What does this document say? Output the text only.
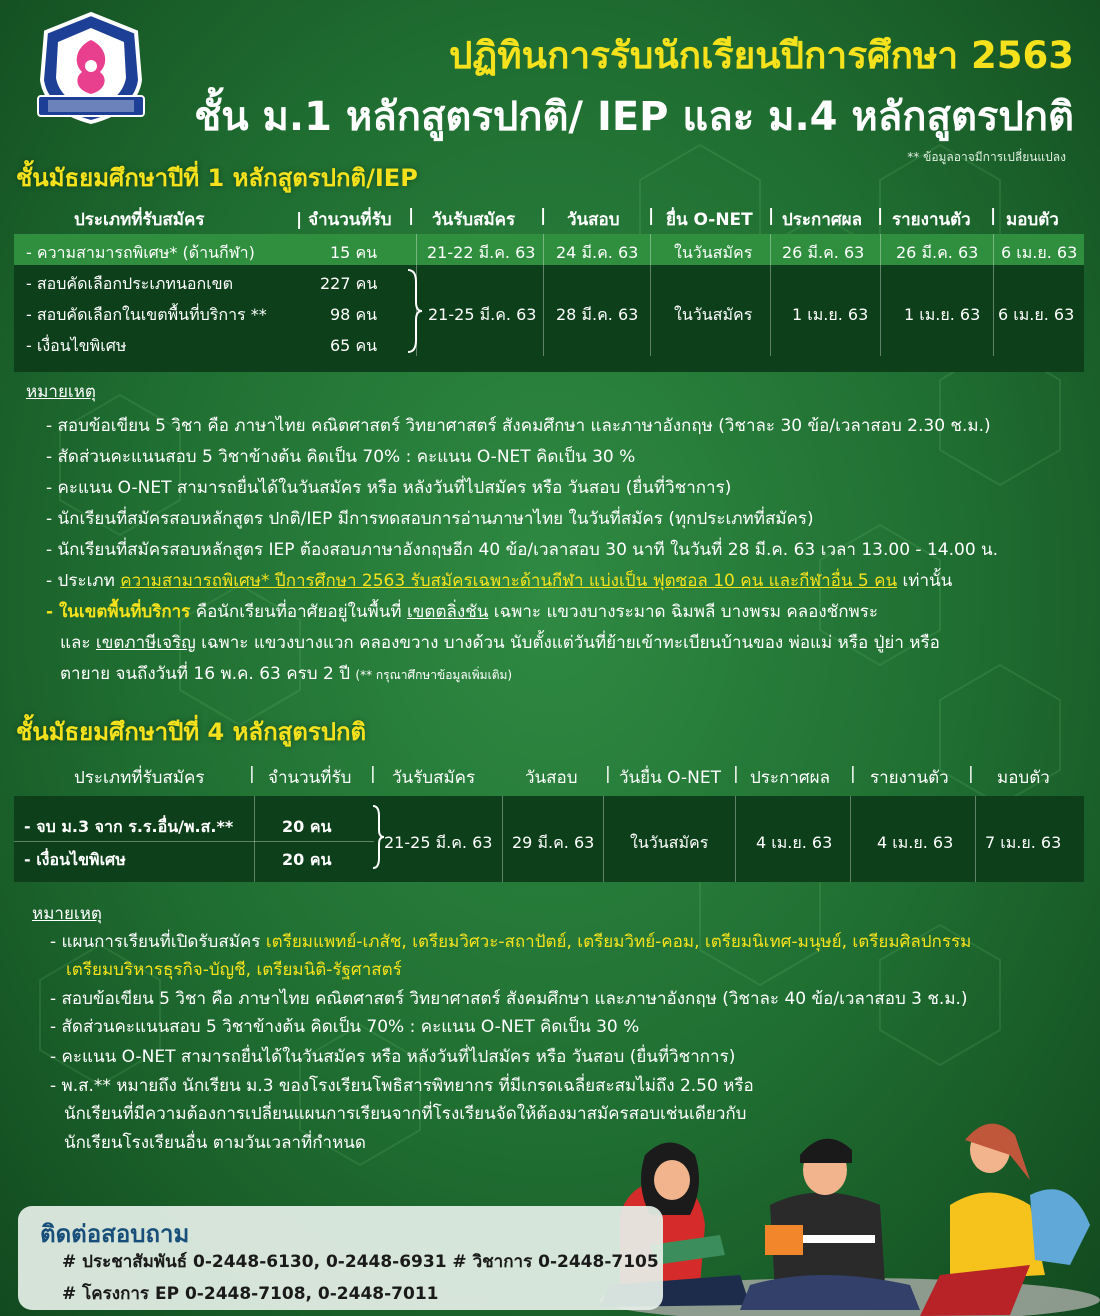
ปฏิทินการรับนักเรียนปีการศึกษา 2563
ชั้น ม.1 หลักสูตรปกติ/ IEP และ ม.4 หลักสูตรปกติ
** ข้อมูลอาจมีการเปลี่ยนแปลง
ชั้นมัธยมศึกษาปีที่ 1 หลักสูตรปกติ/IEP
ประเภทที่รับสมัคร	| จำนวนที่รับ | วันรับสมัคร | วันสอบ | ยื่น O-NET | ประกาศผล | รายงานตัว | มอบตัว
- ความสามารถพิเศษ* (ด้านกีฬา)	15 คน	21-22 มี.ค. 63 24 มี.ค. 63 ในวันสมัคร 26 มี.ค. 63 26 มี.ค. 63 6 เม.ย. 63
- สอบคัดเลือกประเภทนอกเขต	227 คน
- สอบคัดเลือกในเขตพื้นที่บริการ **	98 คน
- เงื่อนไขพิเศษ	65 คน
21-25 มี.ค. 63 28 มี.ค. 63 ในวันสมัคร 1 เม.ย. 63 1 เม.ย. 63 6 เม.ย. 63
หมายเหตุ
- สอบข้อเขียน 5 วิชา คือ ภาษาไทย คณิตศาสตร์ วิทยาศาสตร์ สังคมศึกษา และภาษาอังกฤษ (วิชาละ 30 ข้อ/เวลาสอบ 2.30 ช.ม.)
- สัดส่วนคะแนนสอบ 5 วิชาข้างต้น คิดเป็น 70% : คะแนน O-NET คิดเป็น 30 %
- คะแนน O-NET สามารถยื่นได้ในวันสมัคร หรือ หลังวันที่ไปสมัคร หรือ วันสอบ (ยื่นที่วิชาการ)
- นักเรียนที่สมัครสอบหลักสูตร ปกติ/IEP มีการทดสอบการอ่านภาษาไทย ในวันที่สมัคร (ทุกประเภทที่สมัคร)
- นักเรียนที่สมัครสอบหลักสูตร IEP ต้องสอบภาษาอังกฤษอีก 40 ข้อ/เวลาสอบ 30 นาที ในวันที่ 28 มี.ค. 63 เวลา 13.00 - 14.00 น.
- ประเภท ความสามารถพิเศษ* ปีการศึกษา 2563 รับสมัครเฉพาะด้านกีฬา แบ่งเป็น ฟุตซอล 10 คน และกีฬาอื่น 5 คน เท่านั้น
- ในเขตพื้นที่บริการ คือนักเรียนที่อาศัยอยู่ในพื้นที่ เขตตลิ่งชัน เฉพาะ แขวงบางระมาด ฉิมพลี บางพรม คลองชักพระ
และ เขตภาษีเจริญ เฉพาะ แขวงบางแวก คลองขวาง บางด้วน นับตั้งแต่วันที่ย้ายเข้าทะเบียนบ้านของ พ่อแม่ หรือ ปู่ย่า หรือ
ตายาย จนถึงวันที่ 16 พ.ค. 63 ครบ 2 ปี (** กรุณาศึกษาข้อมูลเพิ่มเติม)
ชั้นมัธยมศึกษาปีที่ 4 หลักสูตรปกติ
ประเภทที่รับสมัคร	| จำนวนที่รับ | วันรับสมัคร	วันสอบ | วันยื่น O-NET | ประกาศผล | รายงานตัว | มอบตัว
- จบ ม.3 จาก ร.ร.อื่น/พ.ส.**	20 คน
- เงื่อนไขพิเศษ	20 คน
21-25 มี.ค. 63 29 มี.ค. 63 ในวันสมัคร	4 เม.ย. 63	4 เม.ย. 63 7 เม.ย. 63
หมายเหตุ
- แผนการเรียนที่เปิดรับสมัคร เตรียมแพทย์-เภสัช, เตรียมวิศวะ-สถาปัตย์, เตรียมวิทย์-คอม, เตรียมนิเทศ-มนุษย์, เตรียมศิลปกรรม
เตรียมบริหารธุรกิจ-บัญชี, เตรียมนิติ-รัฐศาสตร์
- สอบข้อเขียน 5 วิชา คือ ภาษาไทย คณิตศาสตร์ วิทยาศาสตร์ สังคมศึกษา และภาษาอังกฤษ (วิชาละ 40 ข้อ/เวลาสอบ 3 ช.ม.)
- สัดส่วนคะแนนสอบ 5 วิชาข้างต้น คิดเป็น 70% : คะแนน O-NET คิดเป็น 30 %
- คะแนน O-NET สามารถยื่นได้ในวันสมัคร หรือ หลังวันที่ไปสมัคร หรือ วันสอบ (ยื่นที่วิชาการ)
- พ.ส.** หมายถึง นักเรียน ม.3 ของโรงเรียนโพธิสารพิทยากร ที่มีเกรดเฉลี่ยสะสมไม่ถึง 2.50 หรือ
นักเรียนที่มีความต้องการเปลี่ยนแผนการเรียนจากที่โรงเรียนจัดให้ต้องมาสมัครสอบเช่นเดียวกับ
นักเรียนโรงเรียนอื่น ตามวันเวลาที่กำหนด
ติดต่อสอบถาม
# ประชาสัมพันธ์ 0-2448-6130, 0-2448-6931 # วิชาการ 0-2448-7105
# โครงการ EP 0-2448-7108, 0-2448-7011
